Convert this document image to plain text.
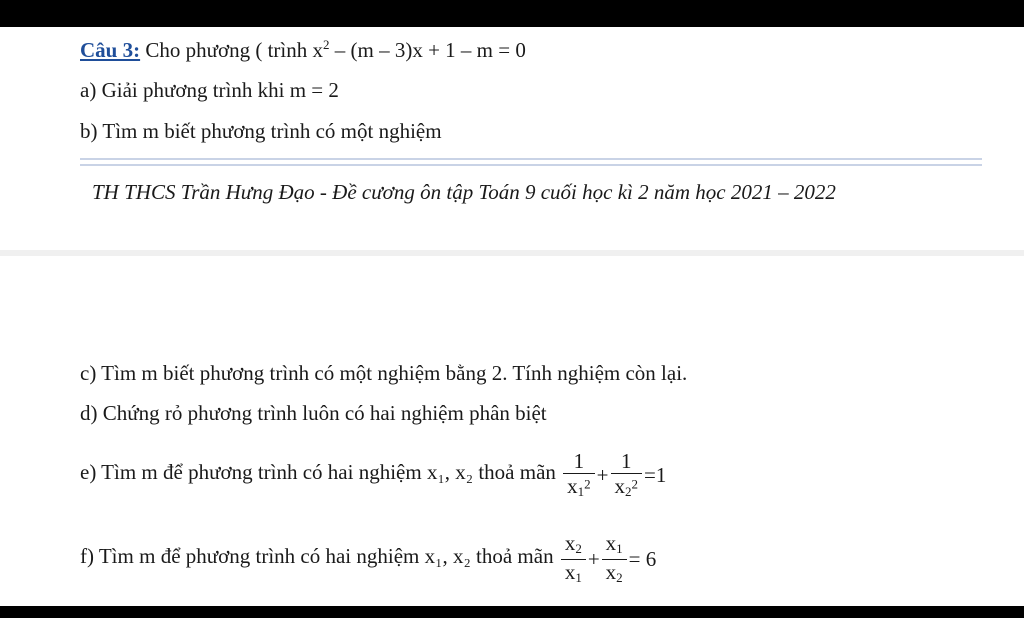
Câu 3: Cho phương ( trình $x^2 - (m - 3)x + 1 - m = 0$
a) Giải phương trình khi m = 2
b) Tìm m biết phương trình có một nghiệm
TH THCS Trần Hưng Đạo - Đề cương ôn tập Toán 9 cuối học kì 2 năm học 2021 – 2022
c) Tìm m biết phương trình có một nghiệm bằng 2. Tính nghiệm còn lại.
d) Chứng rỏ phương trình luôn có hai nghiệm phân biệt
e) Tìm m để phương trình có hai nghiệm x₁, x₂ thoả mãn $\frac{1}{x_1^2} + \frac{1}{x_2^2} =1$
f) Tìm m để phương trình có hai nghiệm x₁, x₂ thoả mãn $\frac{x_2}{x_1} + \frac{x_1}{x_2} = 6$
